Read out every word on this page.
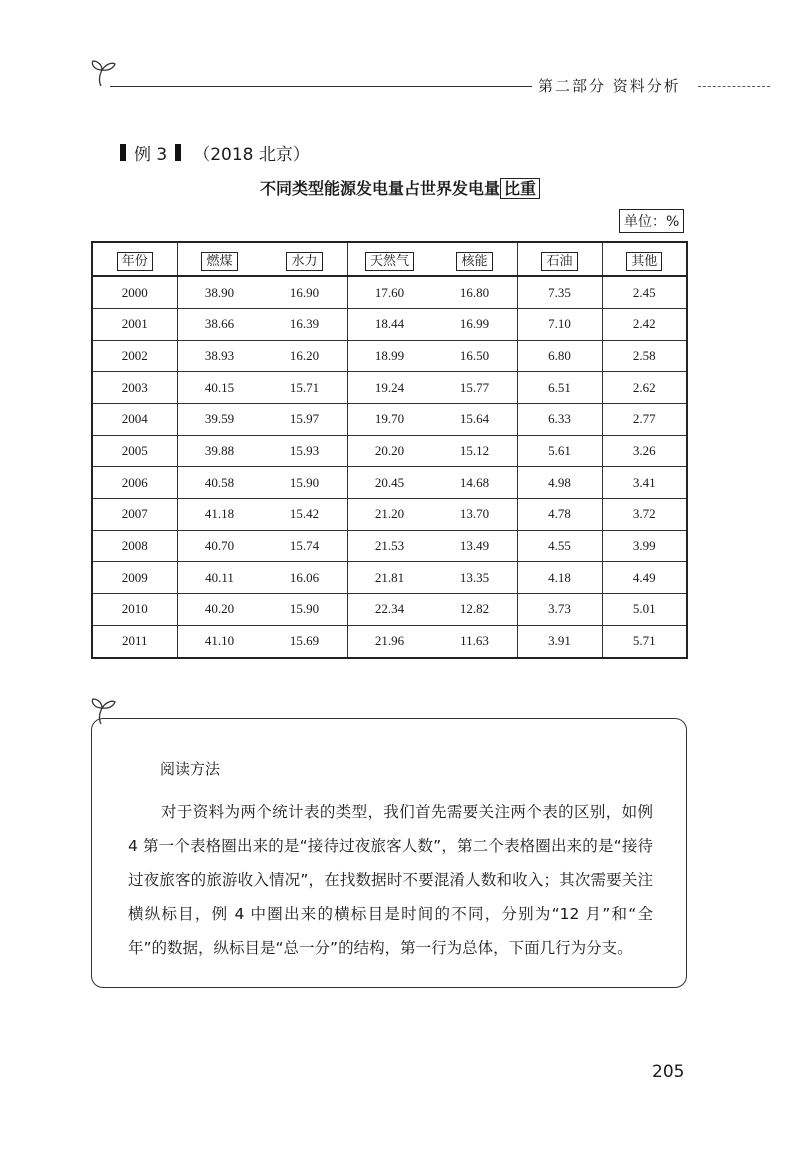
第二部分 资料分析
例 3 （2018 北京）
不同类型能源发电量占世界发电量 比重
单位：%
年份	燃煤	水力	天然气	核能	石油	其他
2000	38.90	16.90	17.60	16.80	7.35	2.45
2001	38.66	16.39	18.44	16.99	7.10	2.42
2002	38.93	16.20	18.99	16.50	6.80	2.58
2003	40.15	15.71	19.24	15.77	6.51	2.62
2004	39.59	15.97	19.70	15.64	6.33	2.77
2005	39.88	15.93	20.20	15.12	5.61	3.26
2006	40.58	15.90	20.45	14.68	4.98	3.41
2007	41.18	15.42	21.20	13.70	4.78	3.72
2008	40.70	15.74	21.53	13.49	4.55	3.99
2009	40.11	16.06	21.81	13.35	4.18	4.49
2010	40.20	15.90	22.34	12.82	3.73	5.01
2011	41.10	15.69	21.96	11.63	3.91	5.71
阅读方法
对于资料为两个统计表的类型，我们首先需要关注两个表的区别，如例 4 第一个表格圈出来的是“接待过夜旅客人数”，第二个表格圈出来的是“接待过夜旅客的旅游收入情况”，在找数据时不要混淆人数和收入；其次需要关注横纵标目，例 4 中圈出来的横标目是时间的不同，分别为“12 月”和“全年”的数据，纵标目是“总一分”的结构，第一行为总体，下面几行为分支。
205
